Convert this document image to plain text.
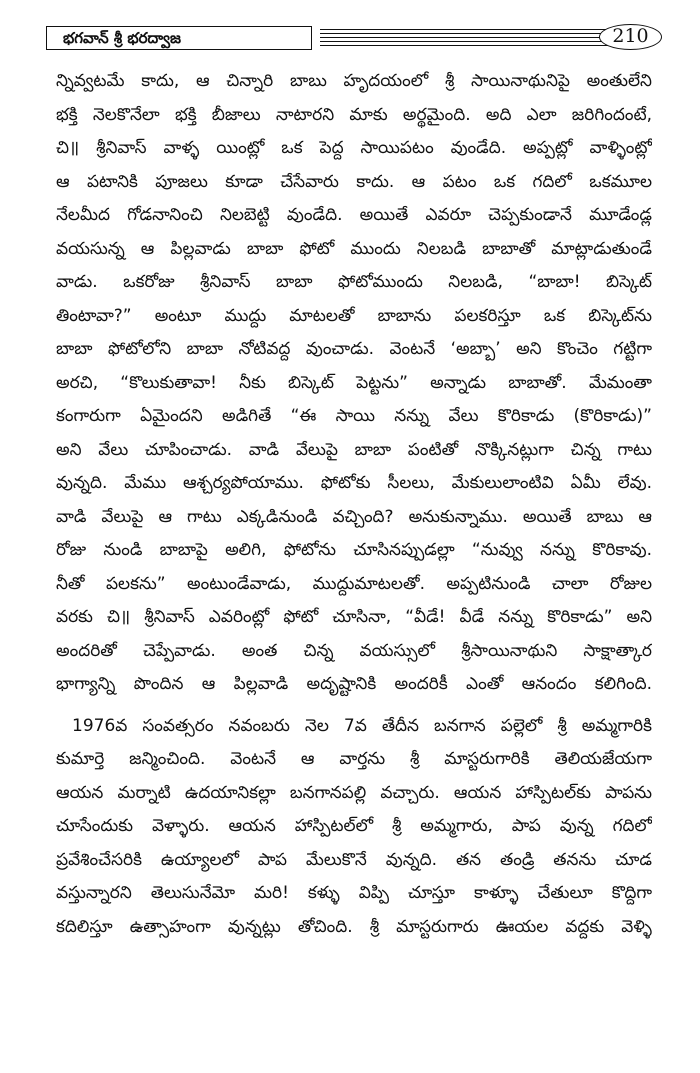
భగవాన్ శ్రీ భరద్వాజ	210
న్నివ్వటమే కాదు, ఆ చిన్నారి బాబు హృదయంలో శ్రీ సాయినాథునిపై అంతులేని
భక్తి నెలకొనేలా భక్తి బీజాలు నాటారని మాకు అర్థమైంది. అది ఎలా జరిగిందంటే,
చి॥ శ్రీనివాస్ వాళ్ళ యింట్లో ఒక పెద్ద సాయిపటం వుండేది. అప్పట్లో వాళ్ళింట్లో
ఆ పటానికి పూజలు కూడా చేసేవారు కాదు. ఆ పటం ఒక గదిలో ఒకమూల
నేలమీద గోడనానించి నిలబెట్టి వుండేది. అయితే ఎవరూ చెప్పకుండానే మూడేండ్ల
వయసున్న ఆ పిల్లవాడు బాబా ఫోటో ముందు నిలబడి బాబాతో మాట్లాడుతుండే
వాడు. ఒకరోజు శ్రీనివాస్ బాబా ఫోటోముందు నిలబడి, “బాబా! బిస్కెట్
తింటావా?” అంటూ ముద్దు మాటలతో బాబాను పలకరిస్తూ ఒక బిస్కెట్‌ను
బాబా ఫోటోలోని బాబా నోటివద్ద వుంచాడు. వెంటనే ‘అబ్బా’ అని కొంచెం గట్టిగా
అరచి, “కొలుకుతావా! నీకు బిస్కెట్ పెట్టను” అన్నాడు బాబాతో. మేమంతా
కంగారుగా ఏమైందని అడిగితే “ఈ సాయి నన్ను వేలు కొరికాడు (కొరికాడు)”
అని వేలు చూపించాడు. వాడి వేలుపై బాబా పంటితో నొక్కినట్లుగా చిన్న గాటు
వున్నది. మేము ఆశ్చర్యపోయాము. ఫోటోకు సీలలు, మేకులులాంటివి ఏమీ లేవు.
వాడి వేలుపై ఆ గాటు ఎక్కడినుండి వచ్చింది? అనుకున్నాము. అయితే బాబు ఆ
రోజు నుండి బాబాపై అలిగి, ఫోటోను చూసినప్పుడల్లా “నువ్వు నన్ను కొరికావు.
నీతో పలకను” అంటుండేవాడు, ముద్దుమాటలతో. అప్పటినుండి చాలా రోజుల
వరకు చి॥ శ్రీనివాస్ ఎవరింట్లో ఫోటో చూసినా, “వీడే! వీడే నన్ను కొరికాడు” అని
అందరితో చెప్పేవాడు. అంత చిన్న వయస్సులో శ్రీసాయినాథుని సాక్షాత్కార
భాగ్యాన్ని పొందిన ఆ పిల్లవాడి అదృష్టానికి అందరికీ ఎంతో ఆనందం కలిగింది.
1976వ సంవత్సరం నవంబరు నెల 7వ తేదీన బనగాన పల్లెలో శ్రీ అమ్మగారికి
కుమార్తె జన్మించింది. వెంటనే ఆ వార్తను శ్రీ మాస్టరుగారికి తెలియజేయగా
ఆయన మర్నాటి ఉదయానికల్లా బనగానపల్లి వచ్చారు. ఆయన హాస్పిటల్‌కు పాపను
చూసేందుకు వెళ్ళారు. ఆయన హాస్పిటల్‌లో శ్రీ అమ్మగారు, పాప వున్న గదిలో
ప్రవేశించేసరికి ఉయ్యాలలో పాప మేలుకొనే వున్నది. తన తండ్రి తనను చూడ
వస్తున్నారని తెలుసునేమో మరి! కళ్ళు విప్పి చూస్తూ కాళ్ళూ చేతులూ కొద్దిగా
కదిలిస్తూ ఉత్సాహంగా వున్నట్లు తోచింది. శ్రీ మాస్టరుగారు ఊయల వద్దకు వెళ్ళి
